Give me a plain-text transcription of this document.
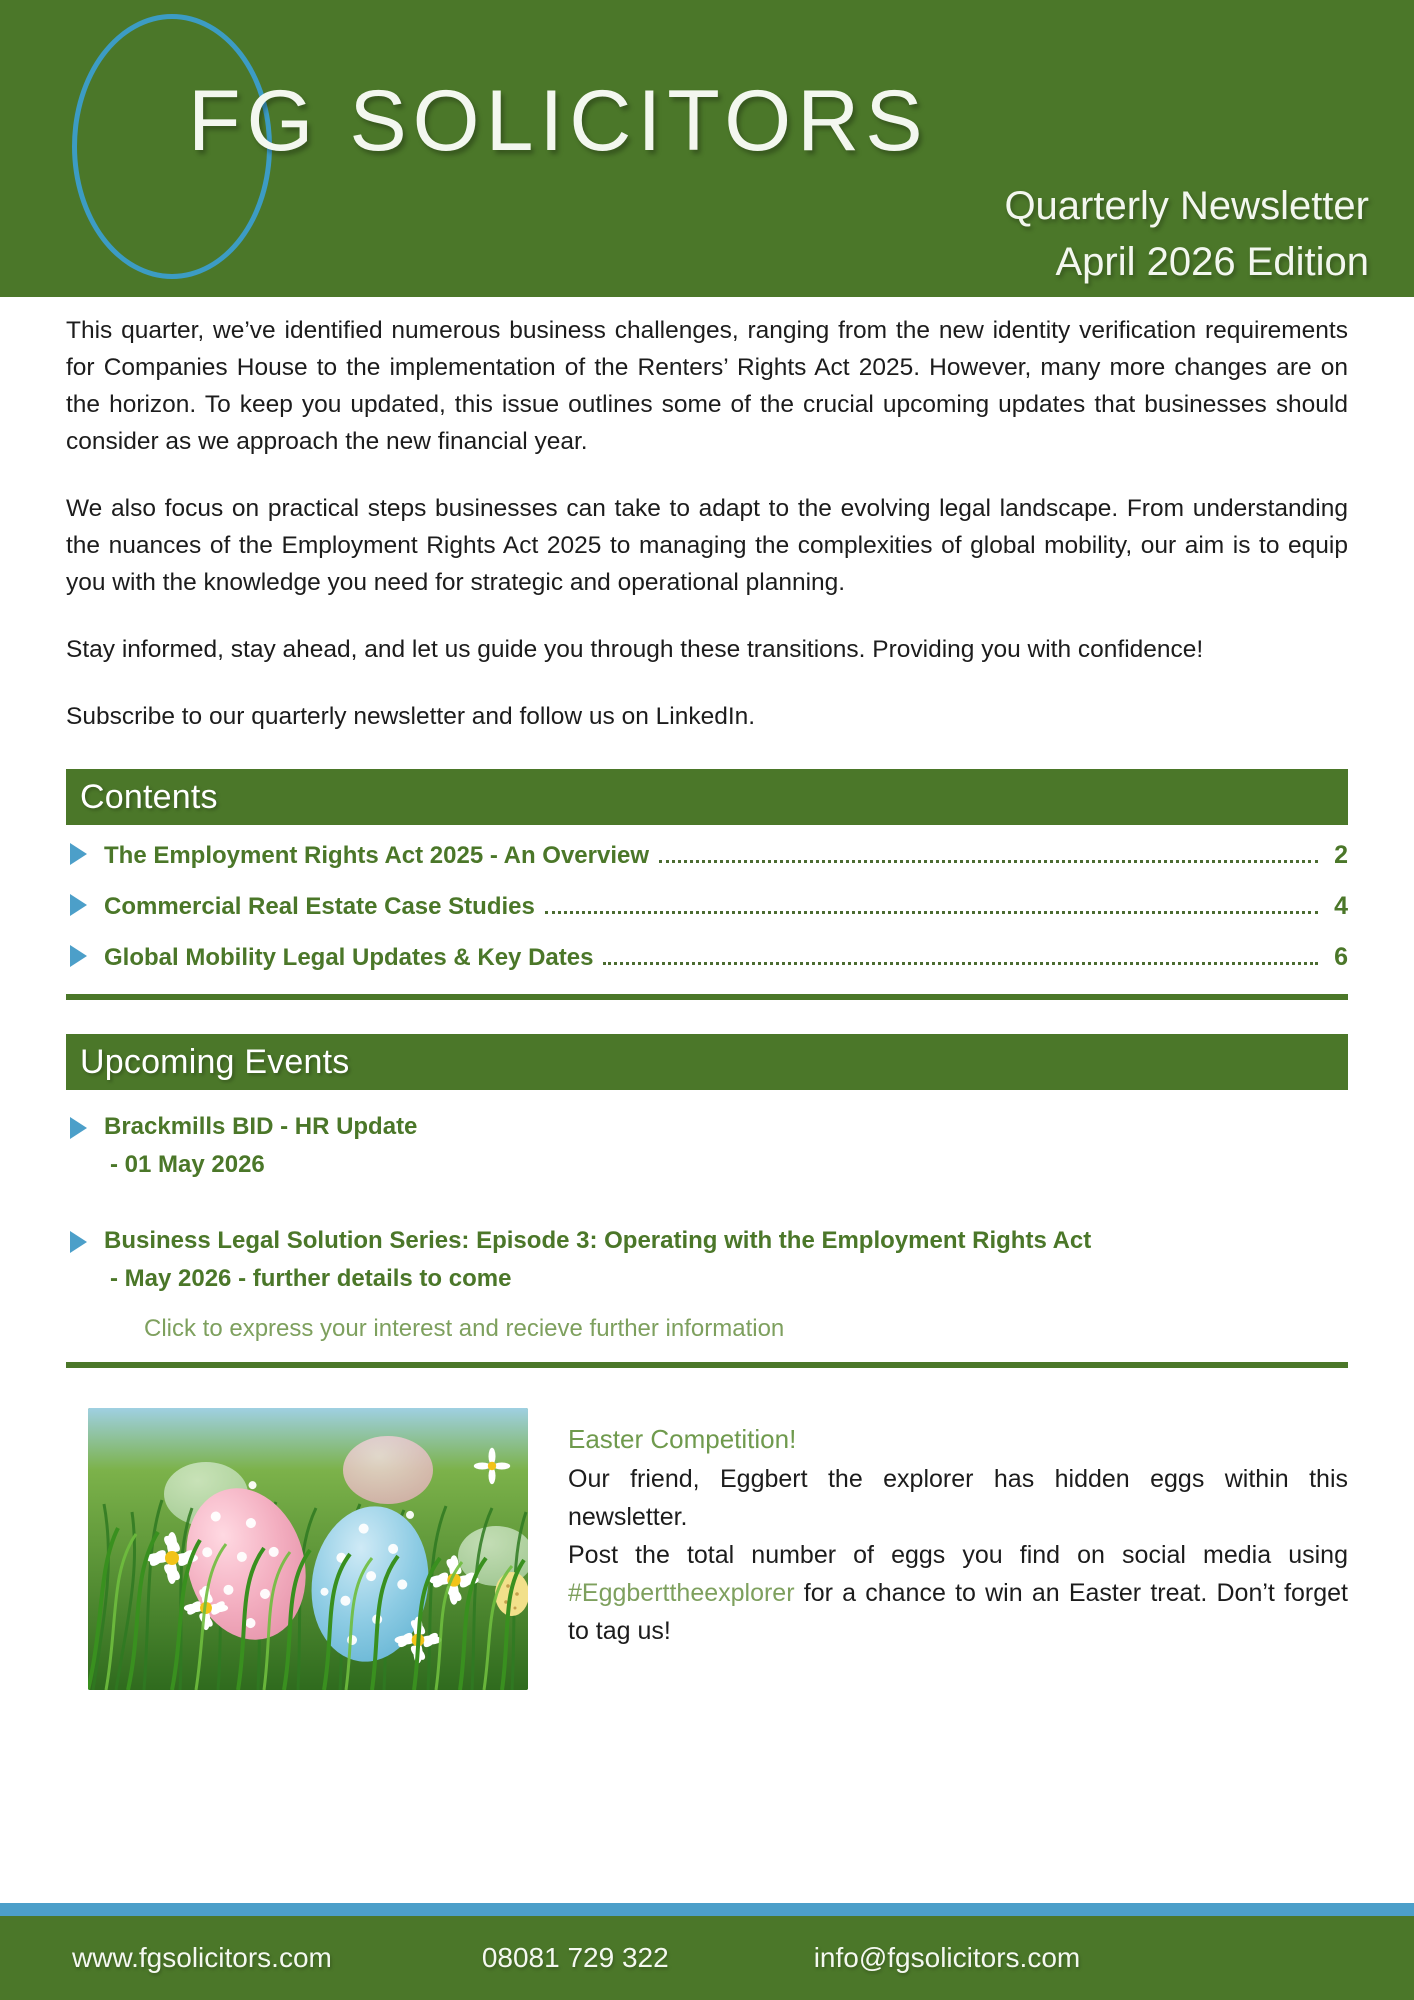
FG SOLICITORS
Quarterly Newsletter
April 2026 Edition

This quarter, we’ve identified numerous business challenges, ranging from the new identity verification requirements for Companies House to the implementation of the Renters’ Rights Act 2025. However, many more changes are on the horizon. To keep you updated, this issue outlines some of the crucial upcoming updates that businesses should consider as we approach the new financial year.

We also focus on practical steps businesses can take to adapt to the evolving legal landscape. From understanding the nuances of the Employment Rights Act 2025 to managing the complexities of global mobility, our aim is to equip you with the knowledge you need for strategic and operational planning.

Stay informed, stay ahead, and let us guide you through these transitions. Providing you with confidence!

Subscribe to our quarterly newsletter and follow us on LinkedIn.

Contents
The Employment Rights Act 2025 - An Overview	2
Commercial Real Estate Case Studies	4
Global Mobility Legal Updates & Key Dates	6
Upcoming Events
Brackmills BID - HR Update
- 01 May 2026
Business Legal Solution Series: Episode 3: Operating with the Employment Rights Act
- May 2026 - further details to come
Click to express your interest and recieve further information
Easter Competition!
Our friend, Eggbert the explorer has hidden eggs within this newsletter.
Post the total number of eggs you find on social media using #Eggberttheexplorer for a chance to win an Easter treat. Don’t forget to tag us!
www.fgsolicitors.com	08081 729 322	info@fgsolicitors.com
